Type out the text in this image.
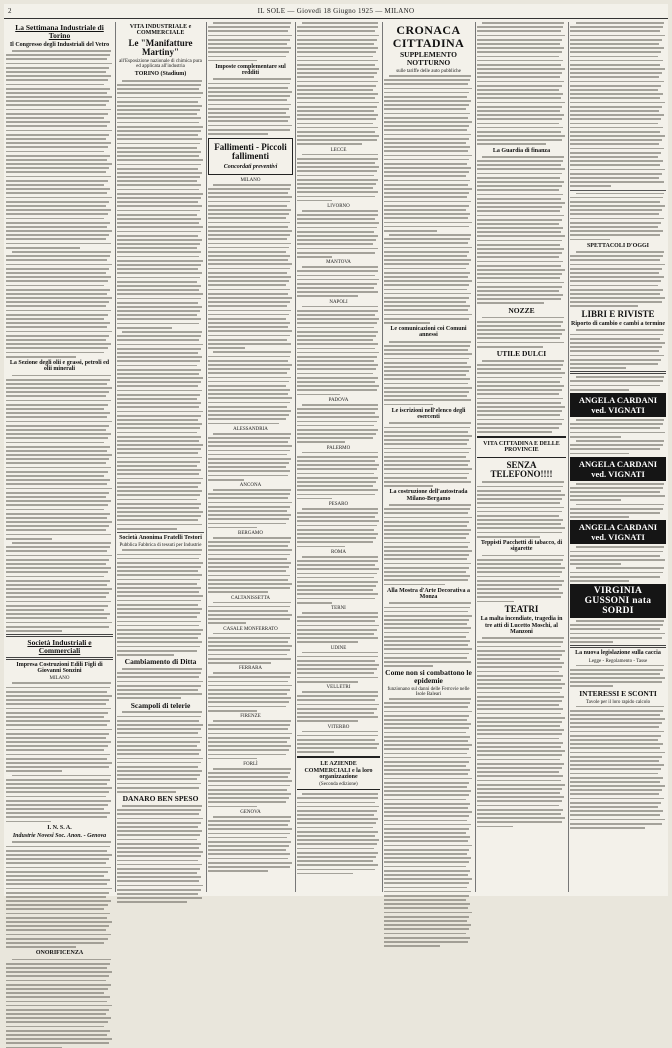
2	IL SOLE — Giovedì 18 Giugno 1925 — MILANO
La Settimana Industriale di Torino
Il Congresso degli Industriali del Vetro

La Sezione degli olii e grassi, petroli ed olii minerali

Società Industriali e Commerciali
Impresa Costruzioni Edili Figli di Giovanni Sonzini
MILANO

I. N. S. A.
Industrie Novesi Soc. Anon. - Genova

ONORIFICENZA

VITA INDUSTRIALE e COMMERCIALE
Le "Manifatture Martiny"
all'Esposizione nazionale di chimica pura ed applicata all'industria
TORINO (Stadium)

Società Anonima Fratelli Testori
Pubblica Fabbrica di tessuti per Industrie

Cambiamento di Ditta

Scampoli di telerie

DANARO BEN SPESO

Imposte complementare sul redditi

Fallimenti - Piccoli fallimenti
Concordati preventivi
MILANO

ALESSANDRIA

ANCONA

BERGAMO

CALTANISSETTA

CASALE MONFERRATO

FERRARA

FIRENZE

FORLÌ

GENOVA

LECCE

LIVORNO

MANTOVA

NAPOLI

PADOVA

PALERMO

PESARO

ROMA

TERNI

UDINE

VELLETRI

VITERBO

LE AZIENDE COMMERCIALI e la loro organizzazione
(Seconda edizione)

CRONACA CITTADINA
SUPPLEMENTO NOTTURNO
sulle tariffe delle auto pubbliche

Le comunicazioni coi Comuni annessi

Le iscrizioni nell'elenco degli esercenti

La costruzione dell'autostrada Milano-Bergamo

Alla Mostra d'Arte Decorativa a Monza

Come non si combattono le epidemie
funzionano sul danni delle Ferrovie nelle Isole Baleari

La Guardia di finanza

NOZZE

UTILE DULCI

VITA CITTADINA E DELLE PROVINCIE
SENZA TELEFONO!!!!

Teppisti Pacchetti di tabacco, di sigarette

TEATRI
La malta incendiate, tragedia in tre atti di Lucetto Moschi, al Manzoni

SPETTACOLI D'OGGI

LIBRI E RIVISTE
Riporto di cambio e cambi a termine

ANGELA CARDANI ved. VIGNATI

ANGELA CARDANI ved. VIGNATI

ANGELA CARDANI ved. VIGNATI

VIRGINIA GUSSONI nata SORDI

La nuova legislazione sulla caccia
Legge - Regolamento - Tasse

INTERESSI E SCONTI
Tavole per il loro rapido calcolo
